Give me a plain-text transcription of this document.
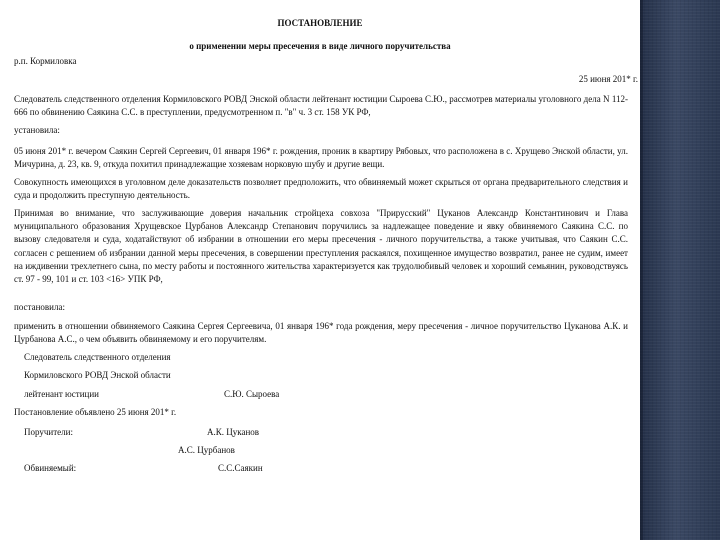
ПОСТАНОВЛЕНИЕ
о применении меры пресечения в виде личного поручительства
р.п. Кормиловка
25 июня 201* г.
Следователь следственного отделения Кормиловского РОВД Энской области лейтенант юстиции Сыроева С.Ю., рассмотрев материалы уголовного дела N 112-666 по обвинению Саякина С.С. в преступлении, предусмотренном п. "в" ч. 3 ст. 158 УК РФ,
установила:
05 июня 201* г. вечером Саякин Сергей Сергеевич, 01 января 196* г. рождения, проник в квартиру Рябовых, что расположена в с. Хрущево Энской области, ул. Мичурина, д. 23, кв. 9, откуда похитил принадлежащие хозяевам норковую шубу и другие вещи.
Совокупность имеющихся в уголовном деле доказательств позволяет предположить, что обвиняемый может скрыться от органа предварительного следствия и суда и продолжить преступную деятельность.
Принимая во внимание, что заслуживающие доверия начальник стройцеха совхоза "Прирусский" Цуканов Александр Константинович и Глава муниципального образования Хрущевское Цурбанов Александр Степанович поручились за надлежащее поведение и явку обвиняемого Саякина С.С. по вызову следователя и суда, ходатайствуют об избрании в отношении его меры пресечения - личного поручительства, а также учитывая, что Саякин С.С. согласен с решением об избрании данной меры пресечения, в совершении преступления раскаялся, похищенное имущество возвратил, ранее не судим, имеет на иждивении трехлетнего сына, по месту работы и постоянного жительства характеризуется как трудолюбивый человек и хороший семьянин, руководствуясь ст. 97 - 99, 101 и ст. 103 <16> УПК РФ,
постановила:
применить в отношении обвиняемого Саякина Сергея Сергеевича, 01 января 196* года рождения, меру пресечения - личное поручительство Цуканова А.К. и Цурбанова А.С., о чем объявить обвиняемому и его поручителям.
Следователь следственного отделения
Кормиловского РОВД Энской области
лейтенант юстиции	С.Ю. Сыроева
Постановление объявлено 25 июня 201* г.
Поручители:	А.К. Цуканов
А.С. Цурбанов
Обвиняемый:	С.С.Саякин
